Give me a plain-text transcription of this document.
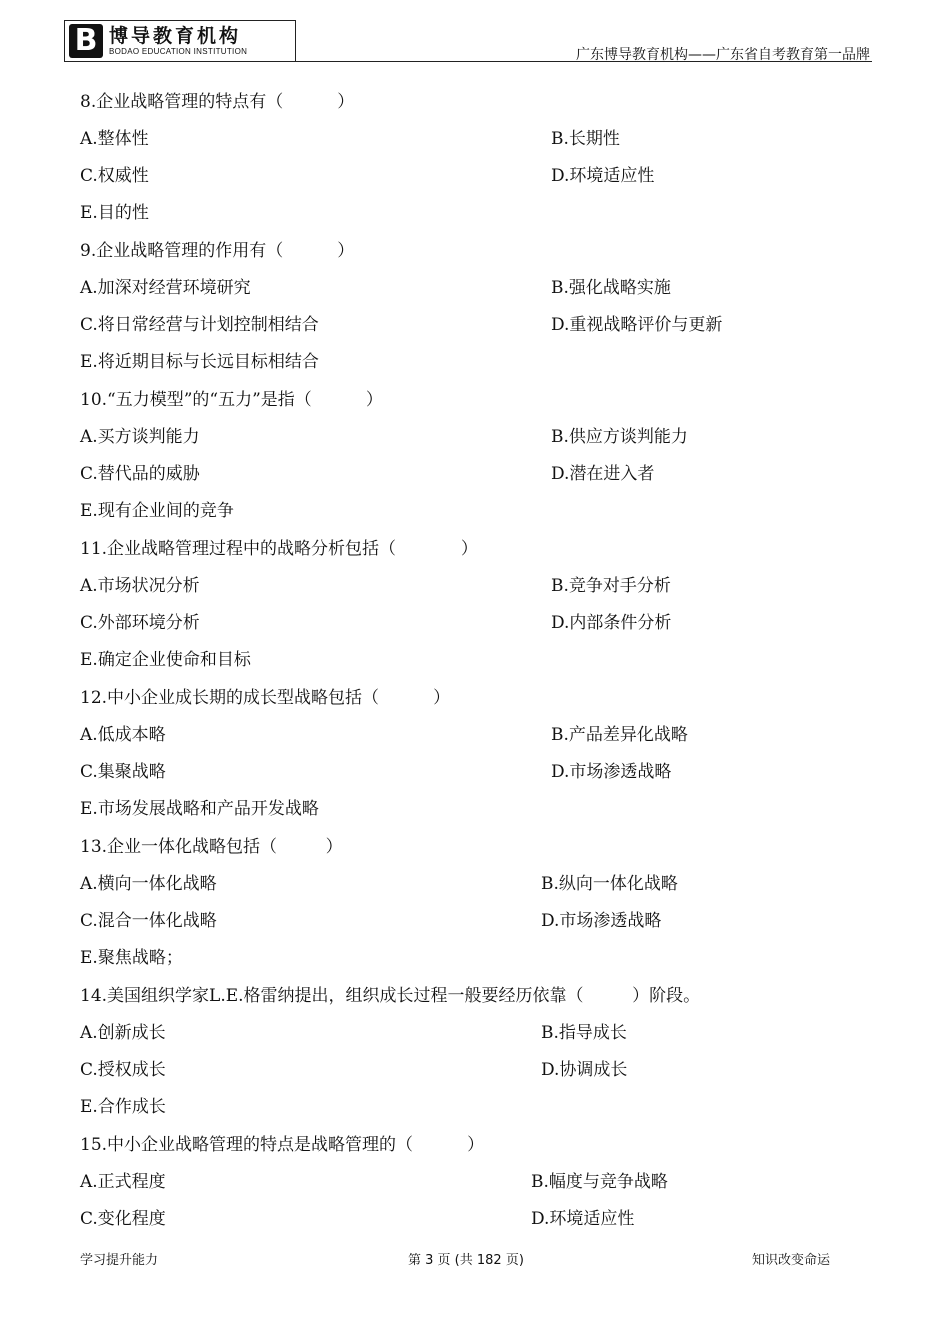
B 博导教育机构
BODAO EDUCATION INSTITUTION	广东博导教育机构——广东省自考教育第一品牌
8.企业战略管理的特点有（          ）
A.整体性	B.长期性
C.权威性	D.环境适应性
E.目的性
9.企业战略管理的作用有（          ）
A.加深对经营环境研究	B.强化战略实施
C.将日常经营与计划控制相结合	D.重视战略评价与更新
E.将近期目标与长远目标相结合
10.“五力模型”的“五力”是指（          ）
A.买方谈判能力	B.供应方谈判能力
C.替代品的威胁	D.潜在进入者
E.现有企业间的竞争
11.企业战略管理过程中的战略分析包括（            ）
A.市场状况分析	B.竞争对手分析
C.外部环境分析	D.内部条件分析
E.确定企业使命和目标
12.中小企业成长期的成长型战略包括（          ）
A.低成本略	B.产品差异化战略
C.集聚战略	D.市场渗透战略
E.市场发展战略和产品开发战略
13.企业一体化战略包括（         ）
A.横向一体化战略	B.纵向一体化战略
C.混合一体化战略	D.市场渗透战略
E.聚焦战略；
14.美国组织学家L.E.格雷纳提出，组织成长过程一般要经历依靠（         ）阶段。
A.创新成长	B.指导成长
C.授权成长	D.协调成长
E.合作成长
15.中小企业战略管理的特点是战略管理的（          ）
A.正式程度	B.幅度与竞争战略
C.变化程度	D.环境适应性
学习提升能力	第 3 页 (共 182 页)	知识改变命运
